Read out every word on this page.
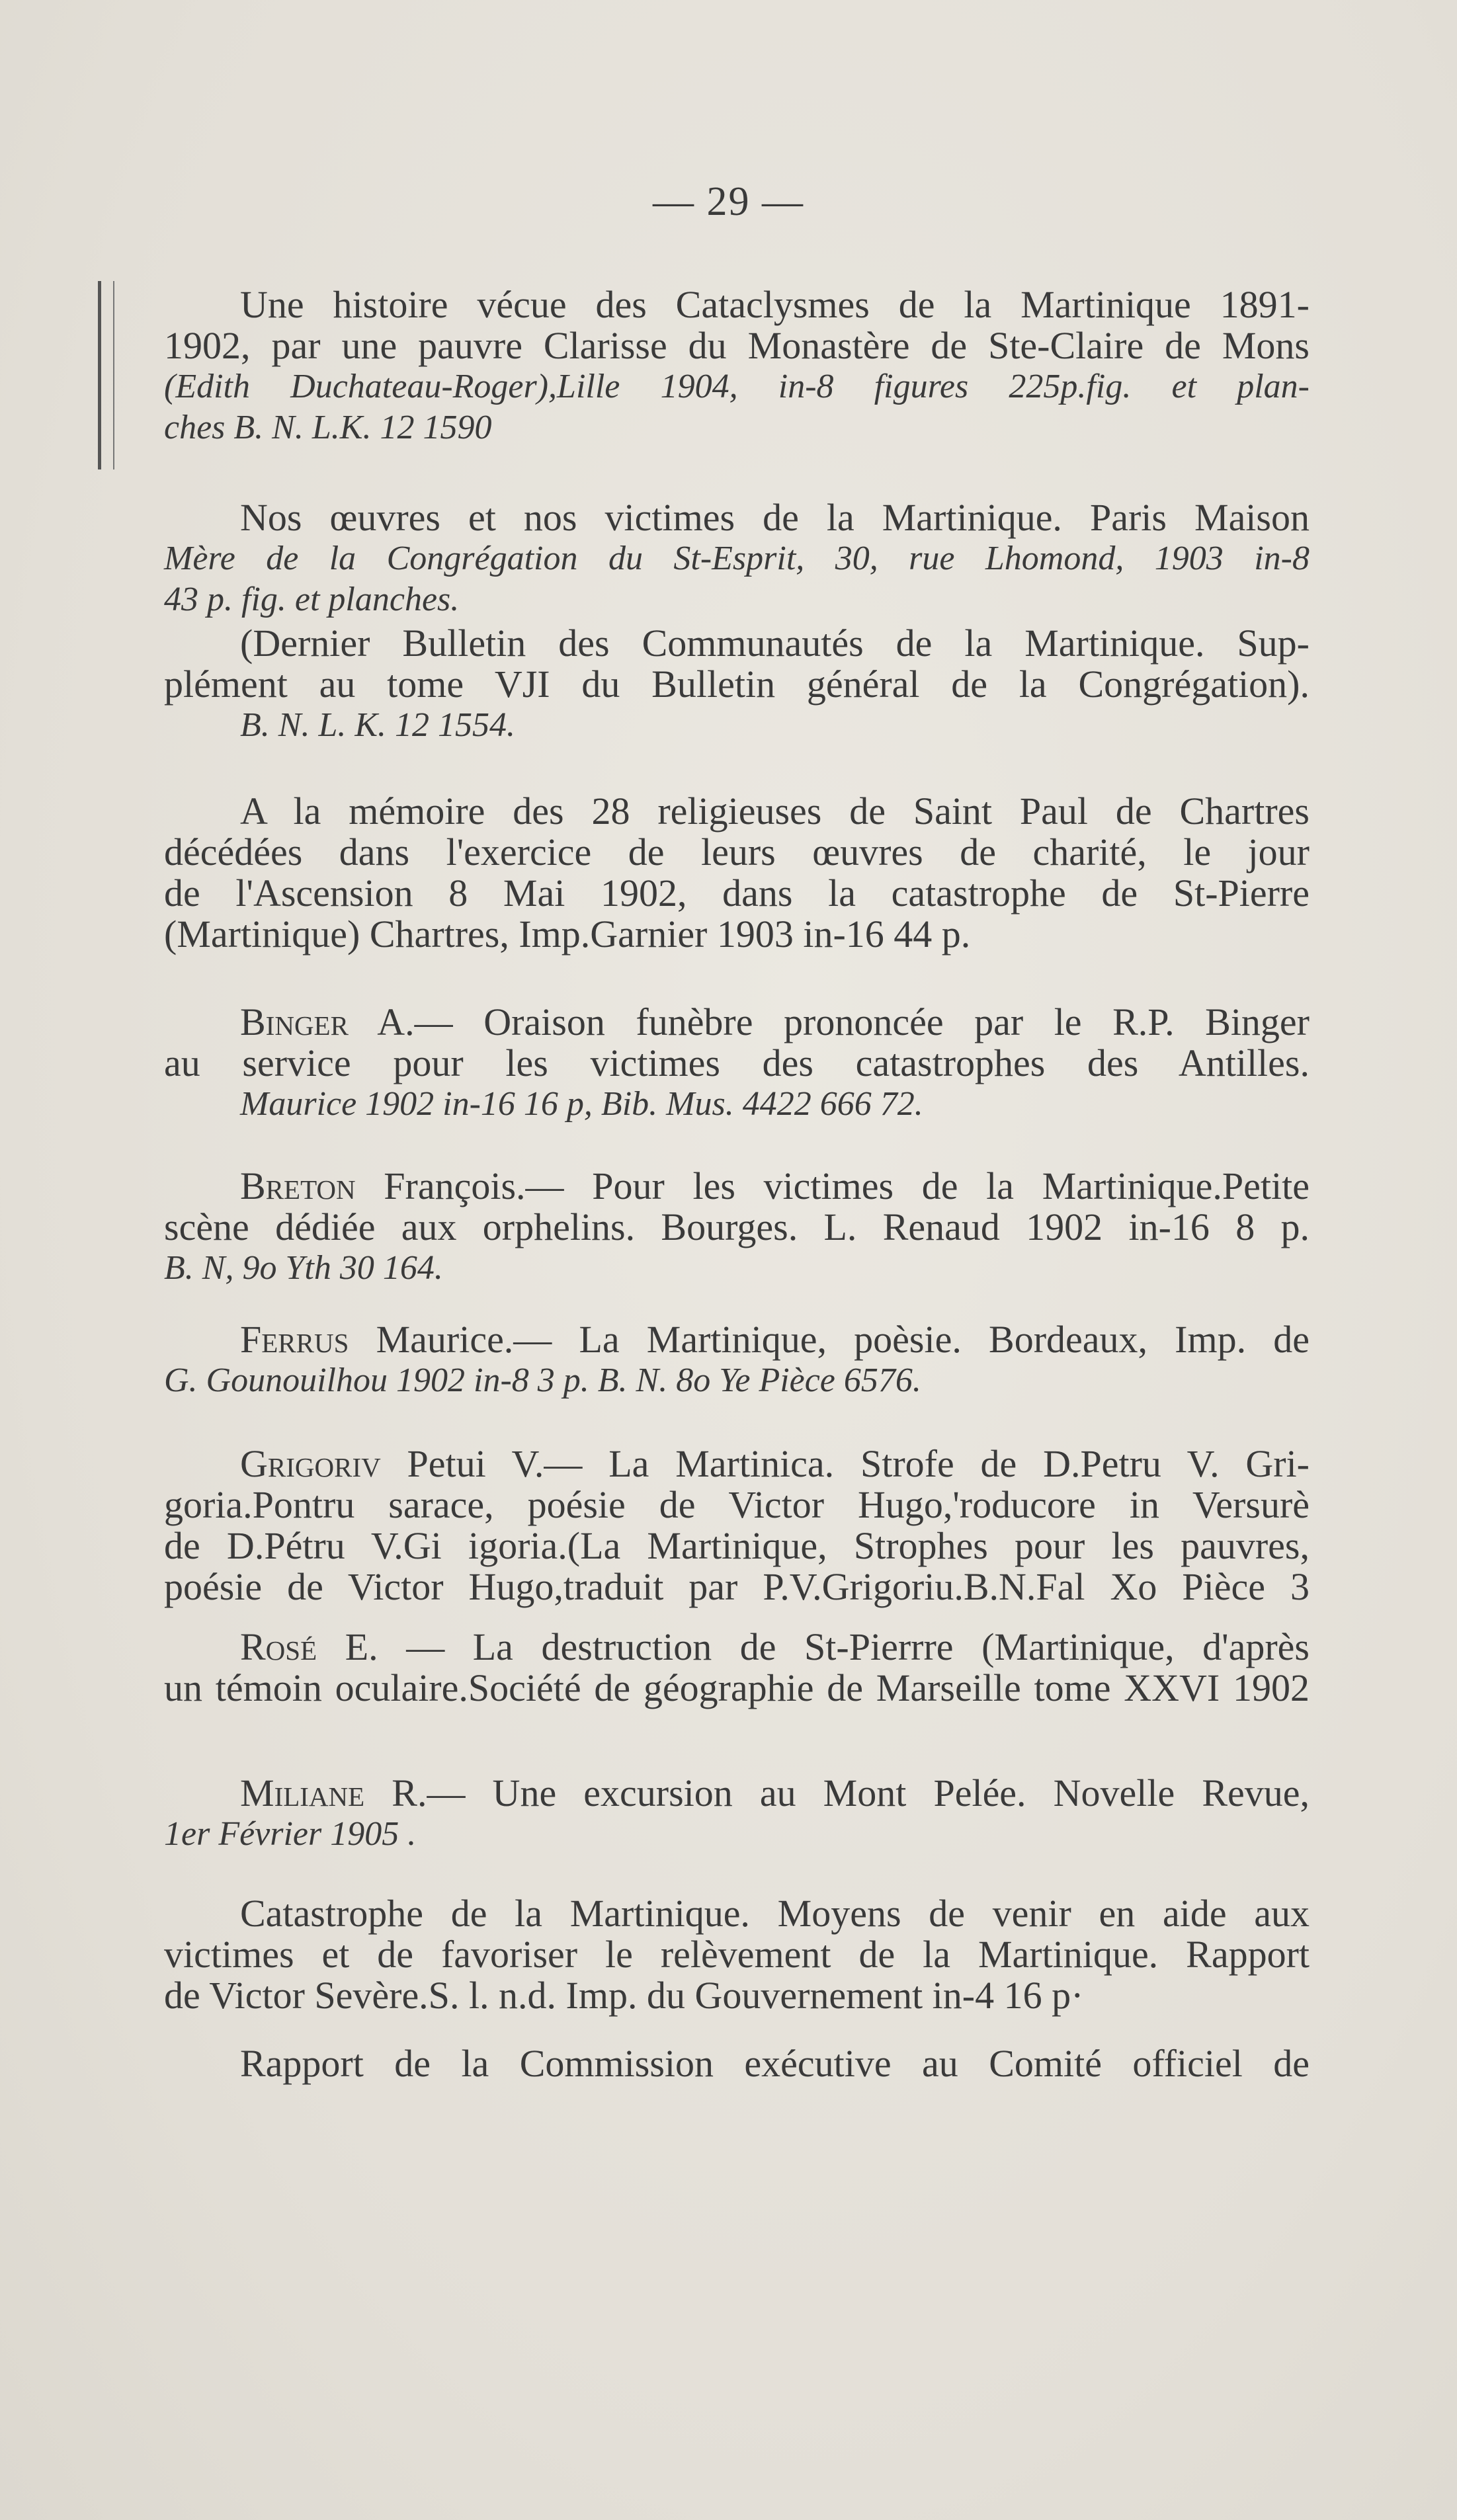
— 29 —
Une histoire vécue des Cataclysmes de la Martinique 1891-
1902, par une pauvre Clarisse du Monastère de Ste-Claire de Mons
(Edith Duchateau-Roger),Lille 1904, in-8 figures 225p.fig. et plan-
ches B. N. L.K. 12 1590
Nos œuvres et nos victimes de la Martinique. Paris Maison
Mère de la Congrégation du St-Esprit, 30, rue Lhomond, 1903 in-8
43 p. fig. et planches.
(Dernier Bulletin des Communautés de la Martinique. Sup-
plément au tome VJI du Bulletin général de la Congrégation).
B. N. L. K. 12 1554.
A la mémoire des 28 religieuses de Saint Paul de Chartres
décédées dans l'exercice de leurs œuvres de charité, le jour
de l'Ascension 8 Mai 1902, dans la catastrophe de St-Pierre
(Martinique) Chartres, Imp.Garnier 1903 in-16 44 p.
Binger A.— Oraison funèbre prononcée par le R.P. Binger
au service pour les victimes des catastrophes des Antilles.
Maurice 1902 in-16 16 p, Bib. Mus. 4422 666 72.
Breton François.— Pour les victimes de la Martinique.Petite
scène dédiée aux orphelins. Bourges. L. Renaud 1902 in-16 8 p.
B. N, 9o Yth 30 164.
Ferrus Maurice.— La Martinique, poèsie. Bordeaux, Imp. de
G. Gounouilhou 1902 in-8 3 p. B. N. 8o Ye Pièce 6576.
Grigoriv Petui V.— La Martinica. Strofe de D.Petru V. Gri-
goria.Pontru sarace, poésie de Victor Hugo,'roducore in Versurè
de D.Pétru V.Gi igoria.(La Martinique, Strophes pour les pauvres,
poésie de Victor Hugo,traduit par P.V.Grigoriu.B.N.Fal Xo Pièce 3
Rosé E. — La destruction de St-Pierrre (Martinique, d'après
un témoin oculaire.Société de géographie de Marseille tome XXVI 1902
Miliane R.— Une excursion au Mont Pelée. Novelle Revue,
1er Février 1905 .
Catastrophe de la Martinique. Moyens de venir en aide aux
victimes et de favoriser le relèvement de la Martinique. Rapport
de Victor Sevère.S. l. n.d. Imp. du Gouvernement in-4 16 p·
Rapport de la Commission exécutive au Comité officiel de
